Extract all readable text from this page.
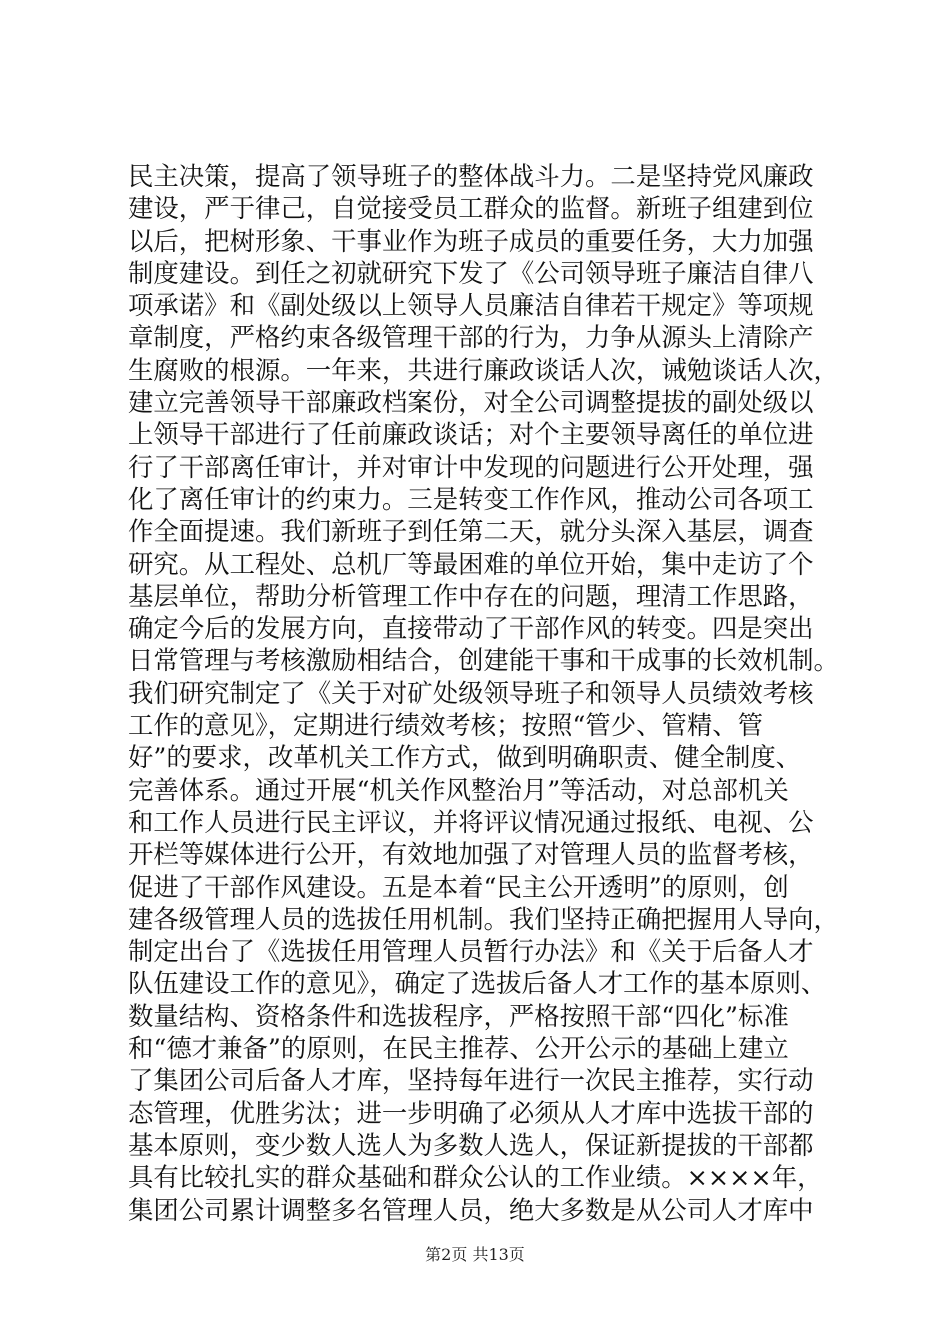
民主决策，提高了领导班子的整体战斗力。二是坚持党风廉政
建设，严于律己，自觉接受员工群众的监督。新班子组建到位
以后，把树形象、干事业作为班子成员的重要任务，大力加强
制度建设。到任之初就研究下发了《公司领导班子廉洁自律八
项承诺》和《副处级以上领导人员廉洁自律若干规定》等项规
章制度，严格约束各级管理干部的行为，力争从源头上清除产
生腐败的根源。一年来，共进行廉政谈话人次，诫勉谈话人次，
建立完善领导干部廉政档案份，对全公司调整提拔的副处级以
上领导干部进行了任前廉政谈话；对个主要领导离任的单位进
行了干部离任审计，并对审计中发现的问题进行公开处理，强
化了离任审计的约束力。三是转变工作作风，推动公司各项工
作全面提速。我们新班子到任第二天，就分头深入基层，调查
研究。从工程处、总机厂等最困难的单位开始，集中走访了个
基层单位，帮助分析管理工作中存在的问题，理清工作思路，
确定今后的发展方向，直接带动了干部作风的转变。四是突出
日常管理与考核激励相结合，创建能干事和干成事的长效机制。
我们研究制定了《关于对矿处级领导班子和领导人员绩效考核
工作的意见》，定期进行绩效考核；按照“管少、管精、管
好”的要求，改革机关工作方式，做到明确职责、健全制度、
完善体系。通过开展“机关作风整治月”等活动，对总部机关
和工作人员进行民主评议，并将评议情况通过报纸、电视、公
开栏等媒体进行公开，有效地加强了对管理人员的监督考核，
促进了干部作风建设。五是本着“民主公开透明”的原则，创
建各级管理人员的选拔任用机制。我们坚持正确把握用人导向，
制定出台了《选拔任用管理人员暂行办法》和《关于后备人才
队伍建设工作的意见》，确定了选拔后备人才工作的基本原则、
数量结构、资格条件和选拔程序，严格按照干部“四化”标准
和“德才兼备”的原则，在民主推荐、公开公示的基础上建立
了集团公司后备人才库，坚持每年进行一次民主推荐，实行动
态管理，优胜劣汰；进一步明确了必须从人才库中选拔干部的
基本原则，变少数人选人为多数人选人，保证新提拔的干部都
具有比较扎实的群众基础和群众公认的工作业绩。××××年，
集团公司累计调整多名管理人员，绝大多数是从公司人才库中
第2页 共13页
